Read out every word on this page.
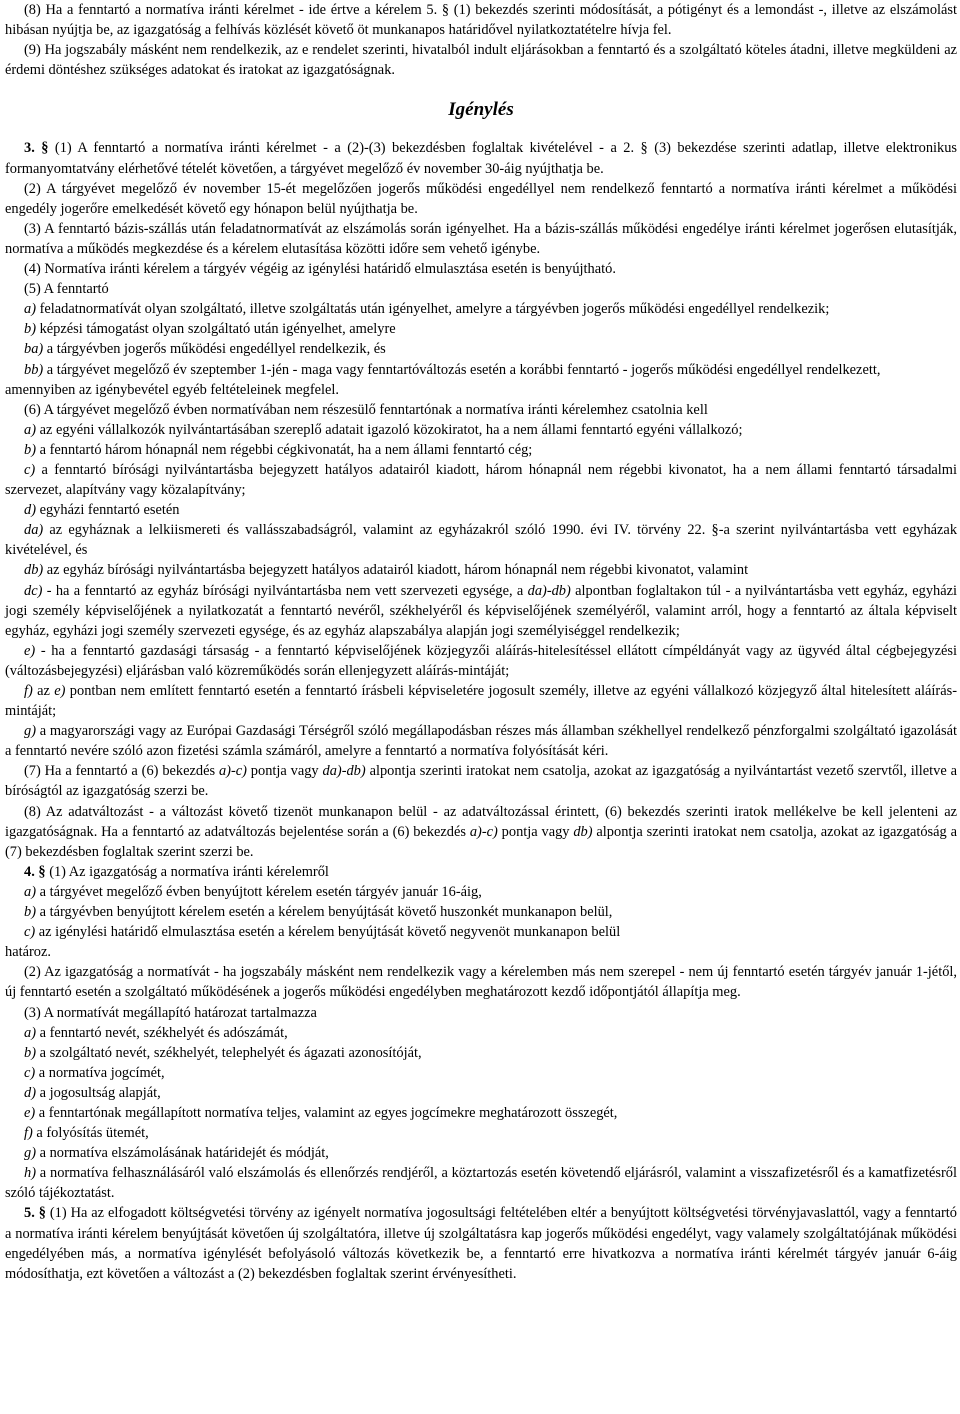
(8) Ha a fenntartó a normatíva iránti kérelmet - ide értve a kérelem 5. § (1) bekezdés szerinti módosítását, a pótigényt és a lemondást -, illetve az elszámolást hibásan nyújtja be, az igazgatóság a felhívás közlését követő öt munkanapos határidővel nyilatkoztatételre hívja fel.

(9) Ha jogszabály másként nem rendelkezik, az e rendelet szerinti, hivatalból indult eljárásokban a fenntartó és a szolgáltató köteles átadni, illetve megküldeni az érdemi döntéshez szükséges adatokat és iratokat az igazgatóságnak.

Igénylés

3. § (1) A fenntartó a normatíva iránti kérelmet - a (2)-(3) bekezdésben foglaltak kivételével - a 2. § (3) bekezdése szerinti adatlap, illetve elektronikus formanyomtatvány elérhetővé tételét követően, a tárgyévet megelőző év november 30-áig nyújthatja be.

(2) A tárgyévet megelőző év november 15-ét megelőzően jogerős működési engedéllyel nem rendelkező fenntartó a normatíva iránti kérelmet a működési engedély jogerőre emelkedését követő egy hónapon belül nyújthatja be.

(3) A fenntartó bázis-szállás után feladatnormatívát az elszámolás során igényelhet. Ha a bázis-szállás működési engedélye iránti kérelmet jogerősen elutasítják, normatíva a működés megkezdése és a kérelem elutasítása közötti időre sem vehető igénybe.

(4) Normatíva iránti kérelem a tárgyév végéig az igénylési határidő elmulasztása esetén is benyújtható.

(5) A fenntartó

a) feladatnormatívát olyan szolgáltató, illetve szolgáltatás után igényelhet, amelyre a tárgyévben jogerős működési engedéllyel rendelkezik;

b) képzési támogatást olyan szolgáltató után igényelhet, amelyre

ba) a tárgyévben jogerős működési engedéllyel rendelkezik, és

bb) a tárgyévet megelőző év szeptember 1-jén - maga vagy fenntartóváltozás esetén a korábbi fenntartó - jogerős működési engedéllyel rendelkezett,

amennyiben az igénybevétel egyéb feltételeinek megfelel.

(6) A tárgyévet megelőző évben normatívában nem részesülő fenntartónak a normatíva iránti kérelemhez csatolnia kell

a) az egyéni vállalkozók nyilvántartásában szereplő adatait igazoló közokiratot, ha a nem állami fenntartó egyéni vállalkozó;

b) a fenntartó három hónapnál nem régebbi cégkivonatát, ha a nem állami fenntartó cég;

c) a fenntartó bírósági nyilvántartásba bejegyzett hatályos adatairól kiadott, három hónapnál nem régebbi kivonatot, ha a nem állami fenntartó társadalmi szervezet, alapítvány vagy közalapítvány;

d) egyházi fenntartó esetén

da) az egyháznak a lelkiismereti és vallásszabadságról, valamint az egyházakról szóló 1990. évi IV. törvény 22. §-a szerint nyilvántartásba vett egyházak kivételével, és

db) az egyház bírósági nyilvántartásba bejegyzett hatályos adatairól kiadott, három hónapnál nem régebbi kivonatot, valamint

dc) - ha a fenntartó az egyház bírósági nyilvántartásba nem vett szervezeti egysége, a da)-db) alpontban foglaltakon túl - a nyilvántartásba vett egyház, egyházi jogi személy képviselőjének a nyilatkozatát a fenntartó nevéről, székhelyéről és képviselőjének személyéről, valamint arról, hogy a fenntartó az általa képviselt egyház, egyházi jogi személy szervezeti egysége, és az egyház alapszabálya alapján jogi személyiséggel rendelkezik;

e) - ha a fenntartó gazdasági társaság - a fenntartó képviselőjének közjegyzői aláírás-hitelesítéssel ellátott címpéldányát vagy az ügyvéd által cégbejegyzési (változásbejegyzési) eljárásban való közreműködés során ellenjegyzett aláírás-mintáját;

f) az e) pontban nem említett fenntartó esetén a fenntartó írásbeli képviseletére jogosult személy, illetve az egyéni vállalkozó közjegyző által hitelesített aláírás-mintáját;

g) a magyarországi vagy az Európai Gazdasági Térségről szóló megállapodásban részes más államban székhellyel rendelkező pénzforgalmi szolgáltató igazolását a fenntartó nevére szóló azon fizetési számla számáról, amelyre a fenntartó a normatíva folyósítását kéri.

(7) Ha a fenntartó a (6) bekezdés a)-c) pontja vagy da)-db) alpontja szerinti iratokat nem csatolja, azokat az igazgatóság a nyilvántartást vezető szervtől, illetve a bíróságtól az igazgatóság szerzi be.

(8) Az adatváltozást - a változást követő tizenöt munkanapon belül - az adatváltozással érintett, (6) bekezdés szerinti iratok mellékelve be kell jelenteni az igazgatóságnak. Ha a fenntartó az adatváltozás bejelentése során a (6) bekezdés a)-c) pontja vagy db) alpontja szerinti iratokat nem csatolja, azokat az igazgatóság a (7) bekezdésben foglaltak szerint szerzi be.

4. § (1) Az igazgatóság a normatíva iránti kérelemről

a) a tárgyévet megelőző évben benyújtott kérelem esetén tárgyév január 16-áig,

b) a tárgyévben benyújtott kérelem esetén a kérelem benyújtását követő huszonkét munkanapon belül,

c) az igénylési határidő elmulasztása esetén a kérelem benyújtását követő negyvenöt munkanapon belül

határoz.

(2) Az igazgatóság a normatívát - ha jogszabály másként nem rendelkezik vagy a kérelemben más nem szerepel - nem új fenntartó esetén tárgyév január 1-jétől, új fenntartó esetén a szolgáltató működésének a jogerős működési engedélyben meghatározott kezdő időpontjától állapítja meg.

(3) A normatívát megállapító határozat tartalmazza

a) a fenntartó nevét, székhelyét és adószámát,

b) a szolgáltató nevét, székhelyét, telephelyét és ágazati azonosítóját,

c) a normatíva jogcímét,

d) a jogosultság alapját,

e) a fenntartónak megállapított normatíva teljes, valamint az egyes jogcímekre meghatározott összegét,

f) a folyósítás ütemét,

g) a normatíva elszámolásának határidejét és módját,

h) a normatíva felhasználásáról való elszámolás és ellenőrzés rendjéről, a köztartozás esetén követendő eljárásról, valamint a visszafizetésről és a kamatfizetésről szóló tájékoztatást.

5. § (1) Ha az elfogadott költségvetési törvény az igényelt normatíva jogosultsági feltételében eltér a benyújtott költségvetési törvényjavaslattól, vagy a fenntartó a normatíva iránti kérelem benyújtását követően új szolgáltatóra, illetve új szolgáltatásra kap jogerős működési engedélyt, vagy valamely szolgáltatójának működési engedélyében más, a normatíva igénylését befolyásoló változás következik be, a fenntartó erre hivatkozva a normatíva iránti kérelmét tárgyév január 6-áig módosíthatja, ezt követően a változást a (2) bekezdésben foglaltak szerint érvényesítheti.
